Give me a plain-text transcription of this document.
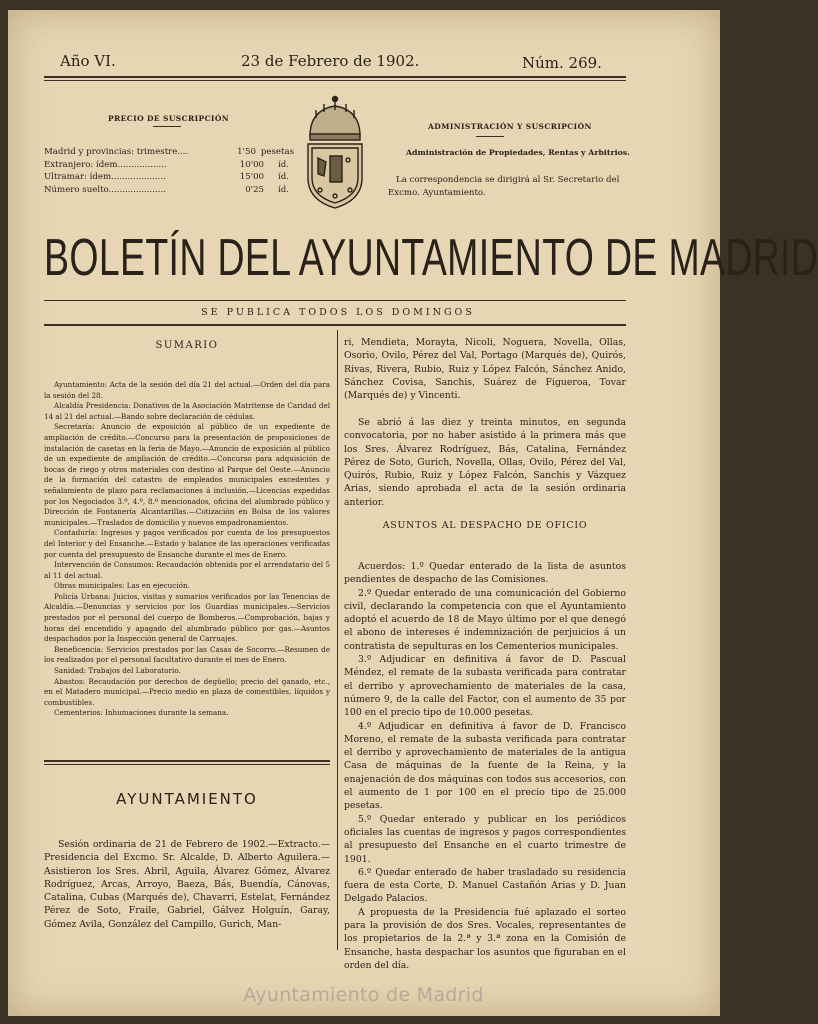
Año VI.	23 de Febrero de 1902.	Núm. 269.
PRECIO DE SUSCRIPCIÓN
Madrid y provincias: trimestre....	1'50 pesetas
Extranjero: ídem..................	10'00 íd.
Ultramar: ídem....................	15'00 íd.
Número suelto.....................	0'25 íd.
ADMINISTRACIÓN Y SUSCRIPCIÓN
Administración de Propiedades, Rentas y Arbitrios.
La correspondencia se dirigirá al Sr. Secretario del Excmo. Ayuntamiento.
BOLETÍN DEL AYUNTAMIENTO DE MADRID
SE PUBLICA TODOS LOS DOMINGOS
SUMARIO

Ayuntamiento: Acta de la sesión del día 21 del actual.—Orden del día para la sesión del 28.

Alcaldía Presidencia: Donativos de la Asociación Matritense de Caridad del 14 al 21 del actual.—Bando sobre declaración de cédulas.

Secretaría: Anuncio de exposición al público de un expediente de ampliación de crédito.—Concurso para la presentación de proposiciones de instalación de casetas en la feria de Mayo.—Anuncio de exposición al público de un expediente de ampliación de crédito.—Concurso para adquisición de bocas de riego y otros materiales con destino al Parque del Oeste.—Anuncio de la formación del catastro de empleados municipales excedentes y señalamiento de plazo para reclamaciones á inclusión.—Licencias expedidas por los Negociados 3.º, 4.º, 8.º mencionados, oficina del alumbrado público y Dirección de Fontanería Alcantarillas.—Cotización en Bolsa de los valores municipales.—Traslados de domicilio y nuevos empadronamientos.

Contaduría: Ingresos y pagos verificados por cuenta de los presupuestos del Interior y del Ensanche.—Estado y balance de las operaciones verificadas por cuenta del presupuesto de Ensanche durante el mes de Enero.

Intervención de Consumos: Recaudación obtenida por el arrendatario del 5 al 11 del actual.

Obras municipales: Las en ejecución.

Policía Urbana: Juicios, visitas y sumarios verificados por las Tenencias de Alcaldía.—Denuncias y servicios por los Guardias municipales.—Servicios prestados por el personal del cuerpo de Bomberos.—Comprobación, bajas y horas del encendido y apagado del alumbrado público por gas.—Asuntos despachados por la Inspección general de Carruajes.

Beneficencia: Servicios prestados por las Casas de Socorro.—Resumen de los realizados por el personal facultativo durante el mes de Enero.

Sanidad: Trabajos del Laboratorio.

Abastos: Recaudación por derechos de degüello; precio del ganado, etc., en el Matadero municipal.—Precio medio en plaza de comestibles, líquidos y combustibles.

Cementerios: Inhumaciones durante la semana.

AYUNTAMIENTO
Sesión ordinaria de 21 de Febrero de 1902.—Extracto.—Presidencia del Excmo. Sr. Alcalde, D. Alberto Aguilera.—Asistieron los Sres. Abril, Aguila, Álvarez Gómez, Álvarez Rodríguez, Arcas, Arroyo, Baeza, Bás, Buendía, Cánovas, Catalina, Cubas (Marqués de), Chavarri, Estelat, Fernández Pérez de Soto, Fraile, Gabriel, Gálvez Holguín, Garay, Gómez Avila, González del Campillo, Gurich, Man-
ri, Mendieta, Morayta, Nicoli, Noguera, Novella, Ollas, Osorio, Ovilo, Pérez del Val, Portago (Marqués de), Quirós, Rivas, Rivera, Rubio, Ruiz y López Falcón, Sánchez Anido, Sánchez Covisa, Sanchis, Suárez de Figueroa, Tovar (Marqués de) y Vincenti.
Se abrió á las diez y treinta minutos, en segunda convocatoria, por no haber asistido á la primera más que los Sres. Álvarez Rodríguez, Bás, Catalina, Fernández Pérez de Soto, Gurich, Novella, Ollas, Ovilo, Pérez del Val, Quirós, Rubio, Ruiz y López Falcón, Sanchis y Vázquez Arias, siendo aprobada el acta de la sesión ordinaria anterior.
ASUNTOS AL DESPACHO DE OFICIO

Acuerdos: 1.º Quedar enterado de la lista de asuntos pendientes de despacho de las Comisiones.

2.º Quedar enterado de una comunicación del Gobierno civil, declarando la competencia con que el Ayuntamiento adoptó el acuerdo de 18 de Mayo último por el que denegó el abono de intereses é indemnización de perjuicios á un contratista de sepulturas en los Cementerios municipales.

3.º Adjudicar en definitiva á favor de D. Pascual Méndez, el remate de la subasta verificada para contratar el derribo y aprovechamiento de materiales de la casa, número 9, de la calle del Factor, con el aumento de 35 por 100 en el precio tipo de 10.000 pesetas.

4.º Adjudicar en definitiva á favor de D. Francisco Moreno, el remate de la subasta verificada para contratar el derribo y aprovechamiento de materiales de la antigua Casa de máquinas de la fuente de la Reina, y la enajenación de dos máquinas con todos sus accesorios, con el aumento de 1 por 100 en el precio tipo de 25.000 pesetas.

5.º Quedar enterado y publicar en los periódicos oficiales las cuentas de ingresos y pagos correspondientes al presupuesto del Ensanche en el cuarto trimestre de 1901.

6.º Quedar enterado de haber trasladado su residencia fuera de esta Corte, D. Manuel Castañón Arias y D. Juan Delgado Palacios.

A propuesta de la Presidencia fué aplazado el sorteo para la provisión de dos Sres. Vocales, representantes de los propietarios de la 2.ª y 3.ª zona en la Comisión de Ensanche, hasta despachar los asuntos que figuraban en el orden del día.

Ayuntamiento de Madrid
